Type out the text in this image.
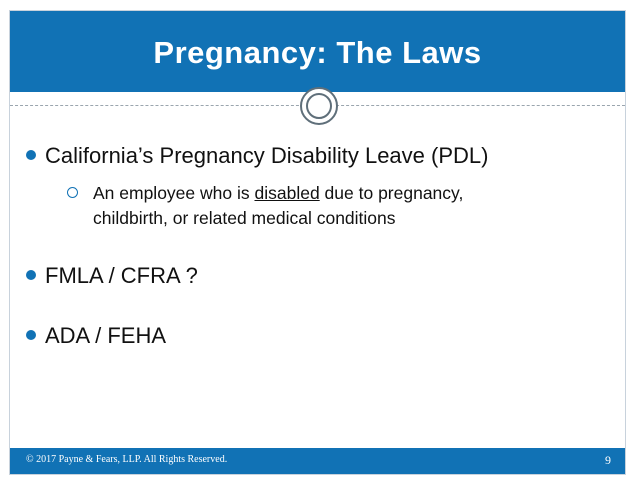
Pregnancy: The Laws
California’s Pregnancy Disability Leave (PDL)
An employee who is disabled due to pregnancy,
childbirth, or related medical conditions
FMLA / CFRA ?
ADA / FEHA
© 2017 Payne & Fears, LLP. All Rights Reserved.	9
